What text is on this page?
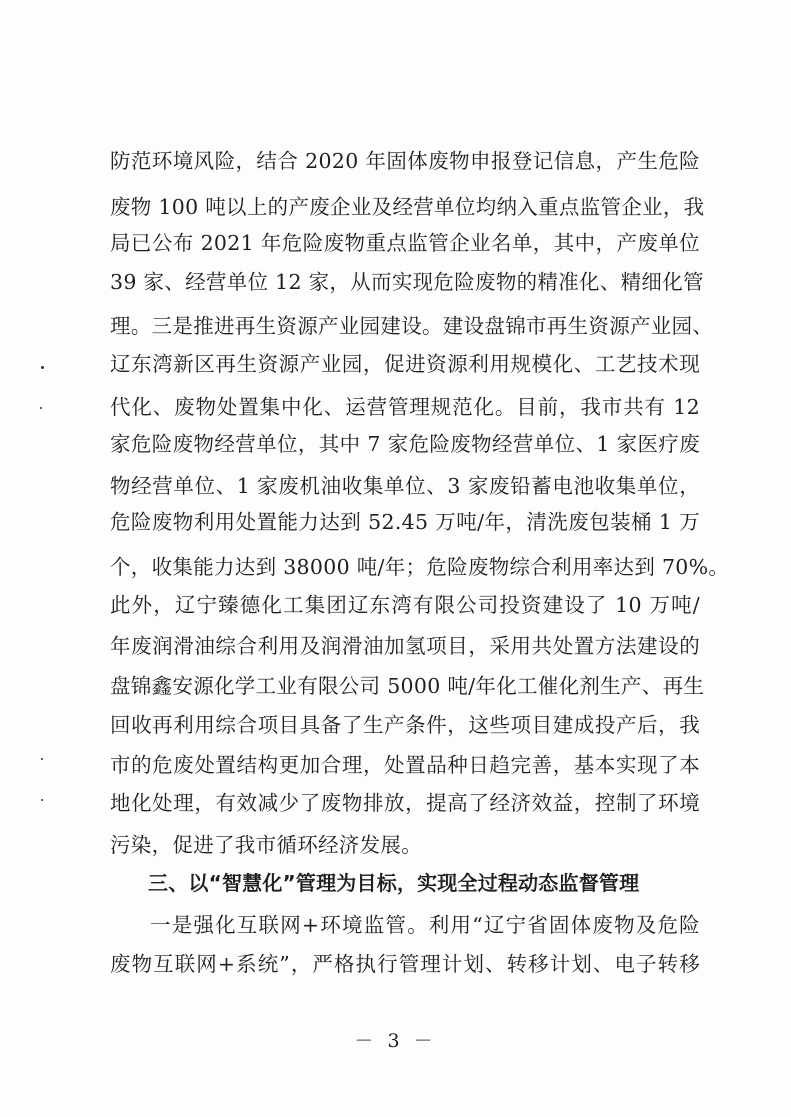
防范环境风险，结合 2020 年固体废物申报登记信息，产生危险
废物 100 吨以上的产废企业及经营单位均纳入重点监管企业，我
局已公布 2021 年危险废物重点监管企业名单，其中，产废单位
39 家、经营单位 12 家，从而实现危险废物的精准化、精细化管
理。三是推进再生资源产业园建设。建设盘锦市再生资源产业园、
辽东湾新区再生资源产业园，促进资源利用规模化、工艺技术现
代化、废物处置集中化、运营管理规范化。目前，我市共有 12
家危险废物经营单位，其中 7 家危险废物经营单位、1 家医疗废
物经营单位、1 家废机油收集单位、3 家废铅蓄电池收集单位，
危险废物利用处置能力达到 52.45 万吨/年，清洗废包装桶 1 万
个，收集能力达到 38000 吨/年；危险废物综合利用率达到 70%。
此外，辽宁臻德化工集团辽东湾有限公司投资建设了 10 万吨/
年废润滑油综合利用及润滑油加氢项目，采用共处置方法建设的
盘锦鑫安源化学工业有限公司 5000 吨/年化工催化剂生产、再生
回收再利用综合项目具备了生产条件，这些项目建成投产后，我
市的危废处置结构更加合理，处置品种日趋完善，基本实现了本
地化处理，有效减少了废物排放，提高了经济效益，控制了环境
污染，促进了我市循环经济发展。
三、以“智慧化”管理为目标，实现全过程动态监督管理
一是强化互联网+环境监管。利用“辽宁省固体废物及危险
废物互联网+系统”，严格执行管理计划、转移计划、电子转移
－ 3 －
